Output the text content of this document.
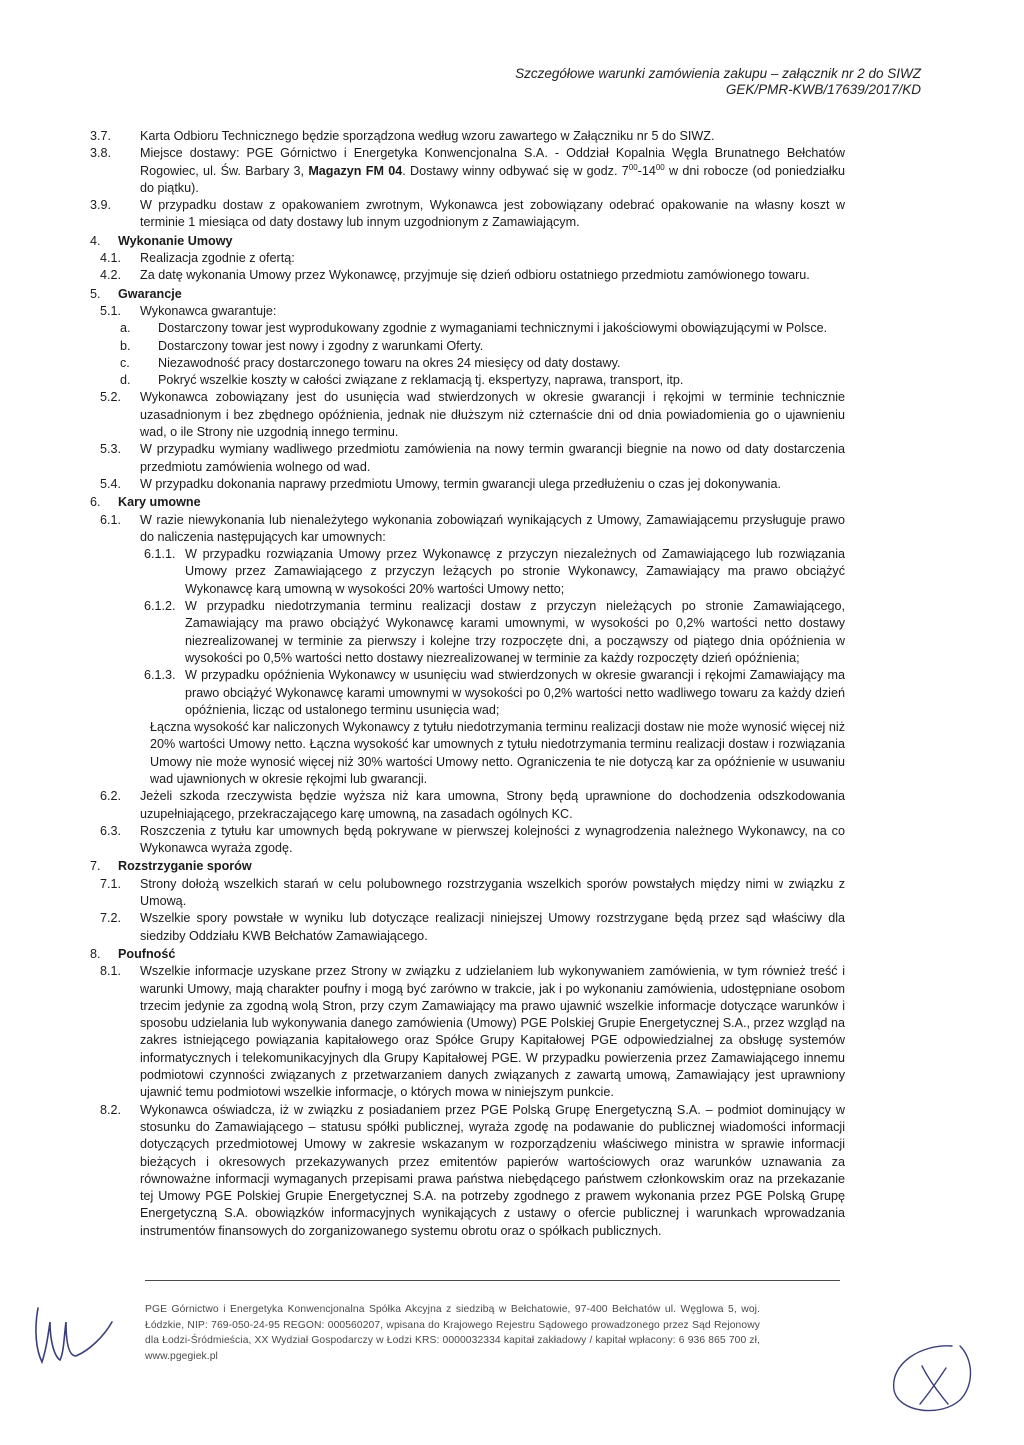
Szczegółowe warunki zamówienia zakupu – załącznik nr 2 do SIWZ
GEK/PMR-KWB/17639/2017/KD
3.7.	Karta Odbioru Technicznego będzie sporządzona według wzoru zawartego w Załączniku nr 5 do SIWZ.
3.8.	Miejsce dostawy: PGE Górnictwo i Energetyka Konwencjonalna S.A. - Oddział Kopalnia Węgla Brunatnego Bełchatów Rogowiec, ul. Św. Barbary 3, Magazyn FM 04. Dostawy winny odbywać się w godz. $7^{00}-14^{00}$ w dni robocze (od poniedziałku do piątku).
3.9.	W przypadku dostaw z opakowaniem zwrotnym, Wykonawca jest zobowiązany odebrać opakowanie na własny koszt w terminie 1 miesiąca od daty dostawy lub innym uzgodnionym z Zamawiającym.
4.	Wykonanie Umowy
4.1.	Realizacja zgodnie z ofertą:
4.2.	Za datę wykonania Umowy przez Wykonawcę, przyjmuje się dzień odbioru ostatniego przedmiotu zamówionego towaru.
5.	Gwarancje
5.1.	Wykonawca gwarantuje:
a.	Dostarczony towar jest wyprodukowany zgodnie z wymaganiami technicznymi i jakościowymi obowiązującymi w Polsce.
b.	Dostarczony towar jest nowy i zgodny z warunkami Oferty.
c.	Niezawodność pracy dostarczonego towaru na okres 24 miesięcy od daty dostawy.
d.	Pokryć wszelkie koszty w całości związane z reklamacją tj. ekspertyzy, naprawa, transport, itp.
5.2.	Wykonawca zobowiązany jest do usunięcia wad stwierdzonych w okresie gwarancji i rękojmi w terminie technicznie uzasadnionym i bez zbędnego opóźnienia, jednak nie dłuższym niż czternaście dni od dnia powiadomienia go o ujawnieniu wad, o ile Strony nie uzgodnią innego terminu.
5.3.	W przypadku wymiany wadliwego przedmiotu zamówienia na nowy termin gwarancji biegnie na nowo od daty dostarczenia przedmiotu zamówienia wolnego od wad.
5.4.	W przypadku dokonania naprawy przedmiotu Umowy, termin gwarancji ulega przedłużeniu o czas jej dokonywania.
6.	Kary umowne
6.1.	W razie niewykonania lub nienależytego wykonania zobowiązań wynikających z Umowy, Zamawiającemu przysługuje prawo do naliczenia następujących kar umownych:
6.1.1. W przypadku rozwiązania Umowy przez Wykonawcę z przyczyn niezależnych od Zamawiającego lub rozwiązania Umowy przez Zamawiającego z przyczyn leżących po stronie Wykonawcy, Zamawiający ma prawo obciążyć Wykonawcę karą umowną w wysokości 20% wartości Umowy netto;
6.1.2. W przypadku niedotrzymania terminu realizacji dostaw z przyczyn nieleżących po stronie Zamawiającego, Zamawiający ma prawo obciążyć Wykonawcę karami umownymi, w wysokości po 0,2% wartości netto dostawy niezrealizowanej w terminie za pierwszy i kolejne trzy rozpoczęte dni, a począwszy od piątego dnia opóźnienia w wysokości po 0,5% wartości netto dostawy niezrealizowanej w terminie za każdy rozpoczęty dzień opóźnienia;
6.1.3. W przypadku opóźnienia Wykonawcy w usunięciu wad stwierdzonych w okresie gwarancji i rękojmi Zamawiający ma prawo obciążyć Wykonawcę karami umownymi w wysokości po 0,2% wartości netto wadliwego towaru za każdy dzień opóźnienia, licząc od ustalonego terminu usunięcia wad;
Łączna wysokość kar naliczonych Wykonawcy z tytułu niedotrzymania terminu realizacji dostaw nie może wynosić więcej niż 20% wartości Umowy netto. Łączna wysokość kar umownych z tytułu niedotrzymania terminu realizacji dostaw i rozwiązania Umowy nie może wynosić więcej niż 30% wartości Umowy netto. Ograniczenia te nie dotyczą kar za opóźnienie w usuwaniu wad ujawnionych w okresie rękojmi lub gwarancji.
6.2.	Jeżeli szkoda rzeczywista będzie wyższa niż kara umowna, Strony będą uprawnione do dochodzenia odszkodowania uzupełniającego, przekraczającego karę umowną, na zasadach ogólnych KC.
6.3.	Roszczenia z tytułu kar umownych będą pokrywane w pierwszej kolejności z wynagrodzenia należnego Wykonawcy, na co Wykonawca wyraża zgodę.
7.	Rozstrzyganie sporów
7.1.	Strony dołożą wszelkich starań w celu polubownego rozstrzygania wszelkich sporów powstałych między nimi w związku z Umową.
7.2.	Wszelkie spory powstałe w wyniku lub dotyczące realizacji niniejszej Umowy rozstrzygane będą przez sąd właściwy dla siedziby Oddziału KWB Bełchatów Zamawiającego.
8.	Poufność
8.1.	Wszelkie informacje uzyskane przez Strony w związku z udzielaniem lub wykonywaniem zamówienia, w tym również treść i warunki Umowy, mają charakter poufny i mogą być zarówno w trakcie, jak i po wykonaniu zamówienia, udostępniane osobom trzecim jedynie za zgodną wolą Stron, przy czym Zamawiający ma prawo ujawnić wszelkie informacje dotyczące warunków i sposobu udzielania lub wykonywania danego zamówienia (Umowy) PGE Polskiej Grupie Energetycznej S.A., przez wzgląd na zakres istniejącego powiązania kapitałowego oraz Spółce Grupy Kapitałowej PGE odpowiedzialnej za obsługę systemów informatycznych i telekomunikacyjnych dla Grupy Kapitałowej PGE. W przypadku powierzenia przez Zamawiającego innemu podmiotowi czynności związanych z przetwarzaniem danych związanych z zawartą umową, Zamawiający jest uprawniony ujawnić temu podmiotowi wszelkie informacje, o których mowa w niniejszym punkcie.
8.2.	Wykonawca oświadcza, iż w związku z posiadaniem przez PGE Polską Grupę Energetyczną S.A. – podmiot dominujący w stosunku do Zamawiającego – statusu spółki publicznej, wyraża zgodę na podawanie do publicznej wiadomości informacji dotyczących przedmiotowej Umowy w zakresie wskazanym w rozporządzeniu właściwego ministra w sprawie informacji bieżących i okresowych przekazywanych przez emitentów papierów wartościowych oraz warunków uznawania za równoważne informacji wymaganych przepisami prawa państwa niebędącego państwem członkowskim oraz na przekazanie tej Umowy PGE Polskiej Grupie Energetycznej S.A. na potrzeby zgodnego z prawem wykonania przez PGE Polską Grupę Energetyczną S.A. obowiązków informacyjnych wynikających z ustawy o ofercie publicznej i warunkach wprowadzania instrumentów finansowych do zorganizowanego systemu obrotu oraz o spółkach publicznych.
PGE Górnictwo i Energetyka Konwencjonalna Spółka Akcyjna z siedzibą w Bełchatowie, 97-400 Bełchatów ul. Węglowa 5, woj. Łódzkie, NIP: 769-050-24-95 REGON: 000560207, wpisana do Krajowego Rejestru Sądowego prowadzonego przez Sąd Rejonowy dla Łodzi-Śródmieścia, XX Wydział Gospodarczy w Łodzi KRS: 0000032334 kapitał zakładowy / kapitał wpłacony: 6 936 865 700 zł, www.pgegiek.pl
